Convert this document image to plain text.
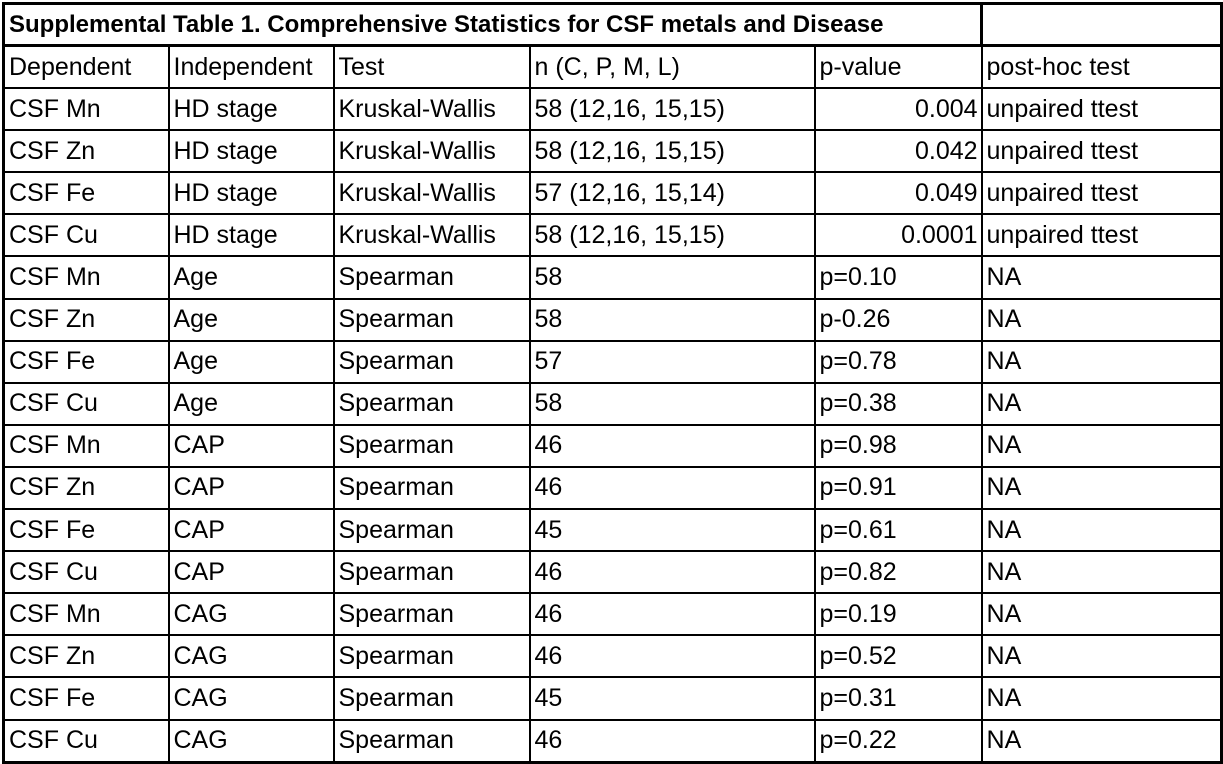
Supplemental Table 1. Comprehensive Statistics for CSF metals and Disease					
Dependent	Independent	Test	n (C, P, M, L)	p-value	post-hoc test
CSF Mn	HD stage	Kruskal-Wallis	58 (12,16, 15,15)	0.004	unpaired ttest
CSF Zn	HD stage	Kruskal-Wallis	58 (12,16, 15,15)	0.042	unpaired ttest
CSF Fe	HD stage	Kruskal-Wallis	57 (12,16, 15,14)	0.049	unpaired ttest
CSF Cu	HD stage	Kruskal-Wallis	58 (12,16, 15,15)	0.0001	unpaired ttest
CSF Mn	Age	Spearman	58	p=0.10	NA
CSF Zn	Age	Spearman	58	p-0.26	NA
CSF Fe	Age	Spearman	57	p=0.78	NA
CSF Cu	Age	Spearman	58	p=0.38	NA
CSF Mn	CAP	Spearman	46	p=0.98	NA
CSF Zn	CAP	Spearman	46	p=0.91	NA
CSF Fe	CAP	Spearman	45	p=0.61	NA
CSF Cu	CAP	Spearman	46	p=0.82	NA
CSF Mn	CAG	Spearman	46	p=0.19	NA
CSF Zn	CAG	Spearman	46	p=0.52	NA
CSF Fe	CAG	Spearman	45	p=0.31	NA
CSF Cu	CAG	Spearman	46	p=0.22	NA
